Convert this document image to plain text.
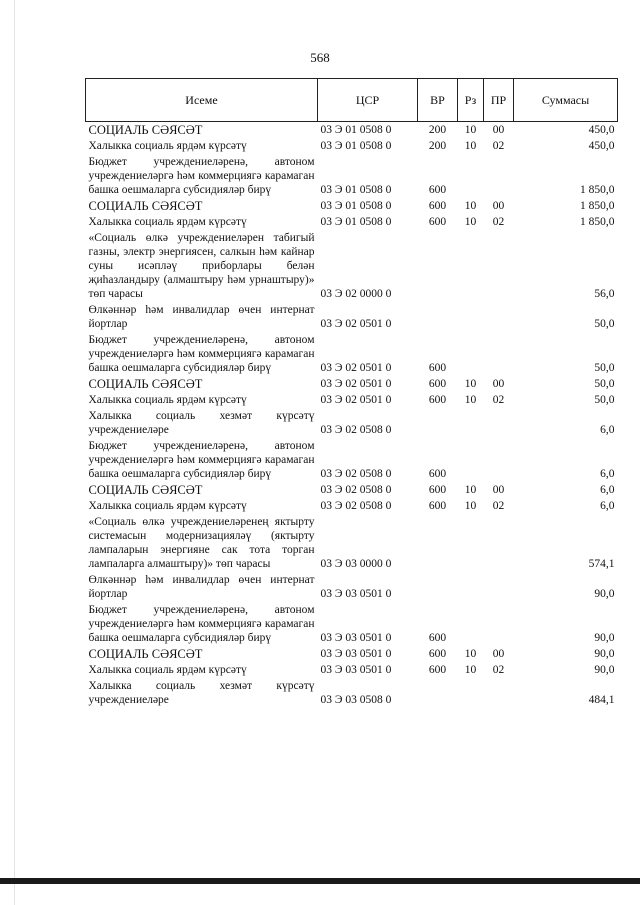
568
Исеме	ЦСР	ВР	Рз	ПР	Суммасы
СОЦИАЛЬ СӘЯСӘТ	03 Э 01 0508 0	200	10	00	450,0
Халыкка социаль ярдәм күрсәтү	03 Э 01 0508 0	200	10	02	450,0
Бюджет учреждениеләренә, автоном учреждениеләргә һәм коммерциягә карамаган башка оешмаларга субсидияләр бирү	03 Э 01 0508 0	600			1 850,0
СОЦИАЛЬ СӘЯСӘТ	03 Э 01 0508 0	600	10	00	1 850,0
Халыкка социаль ярдәм күрсәтү	03 Э 01 0508 0	600	10	02	1 850,0
«Социаль өлкә учреждениеләрен табигый газны, электр энергиясен, салкын һәм кайнар суны исәпләү приборлары белән җиһазландыру (алмаштыру һәм урнаштыру)» төп чарасы	03 Э 02 0000 0				56,0
Өлкәннәр һәм инвалидлар өчен интернат йортлар	03 Э 02 0501 0				50,0
Бюджет учреждениеләренә, автоном учреждениеләргә һәм коммерциягә карамаган башка оешмаларга субсидияләр бирү	03 Э 02 0501 0	600			50,0
СОЦИАЛЬ СӘЯСӘТ	03 Э 02 0501 0	600	10	00	50,0
Халыкка социаль ярдәм күрсәтү	03 Э 02 0501 0	600	10	02	50,0
Халыкка социаль хезмәт күрсәтү учреждениеләре	03 Э 02 0508 0				6,0
Бюджет учреждениеләренә, автоном учреждениеләргә һәм коммерциягә карамаган башка оешмаларга субсидияләр бирү	03 Э 02 0508 0	600			6,0
СОЦИАЛЬ СӘЯСӘТ	03 Э 02 0508 0	600	10	00	6,0
Халыкка социаль ярдәм күрсәтү	03 Э 02 0508 0	600	10	02	6,0
«Социаль өлкә учреждениеләренең яктырту системасын модернизацияләү (яктырту лампаларын энергияне сак тота торган лампаларга алмаштыру)» төп чарасы	03 Э 03 0000 0				574,1
Өлкәннәр һәм инвалидлар өчен интернат йортлар	03 Э 03 0501 0				90,0
Бюджет учреждениеләренә, автоном учреждениеләргә һәм коммерциягә карамаган башка оешмаларга субсидияләр бирү	03 Э 03 0501 0	600			90,0
СОЦИАЛЬ СӘЯСӘТ	03 Э 03 0501 0	600	10	00	90,0
Халыкка социаль ярдәм күрсәтү	03 Э 03 0501 0	600	10	02	90,0
Халыкка социаль хезмәт күрсәтү учреждениеләре	03 Э 03 0508 0				484,1
